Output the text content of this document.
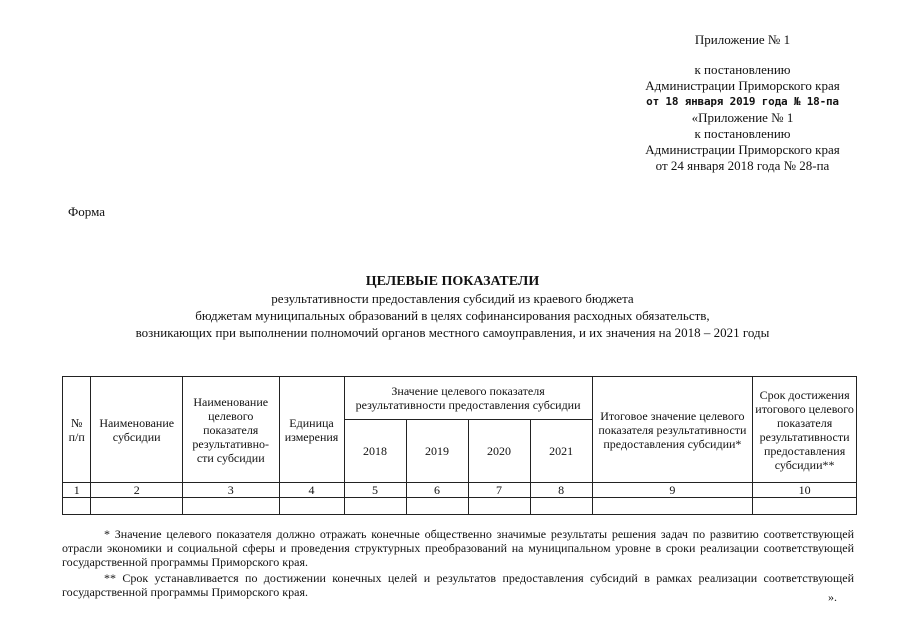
Приложение № 1
к постановлению
Администрации Приморского края
от 18 января 2019 года № 18-па
«Приложение № 1
к постановлению
Администрации Приморского края
от 24 января 2018 года № 28-па
Форма
ЦЕЛЕВЫЕ ПОКАЗАТЕЛИ
результативности предоставления субсидий из краевого бюджета
бюджетам муниципальных образований в целях софинансирования расходных обязательств,
возникающих при выполнении полномочий органов местного самоуправления, и их значения на 2018 – 2021 годы
№ п/п	Наименование субсидии	Наименование целевого показателя результативно-сти субсидии	Единица измерения	Значение целевого показателя результативности предоставления субсидии				Итоговое значение целевого показателя результативности предоставления субсидии*	Срок достижения итогового целевого показателя результативности предоставления субсидии**
				2018	2019	2020	2021		
1	2	3	4	5	6	7	8	9	10

* Значение целевого показателя должно отражать конечные общественно значимые результаты решения задач по развитию соответствующей отрасли экономики и социальной сферы и проведения структурных преобразований на муниципальном уровне в сроки реализации соответствующей государственной программы Приморского края.
** Срок устанавливается по достижении конечных целей и результатов предоставления субсидий в рамках реализации соответствующей государственной программы Приморского края.	».
